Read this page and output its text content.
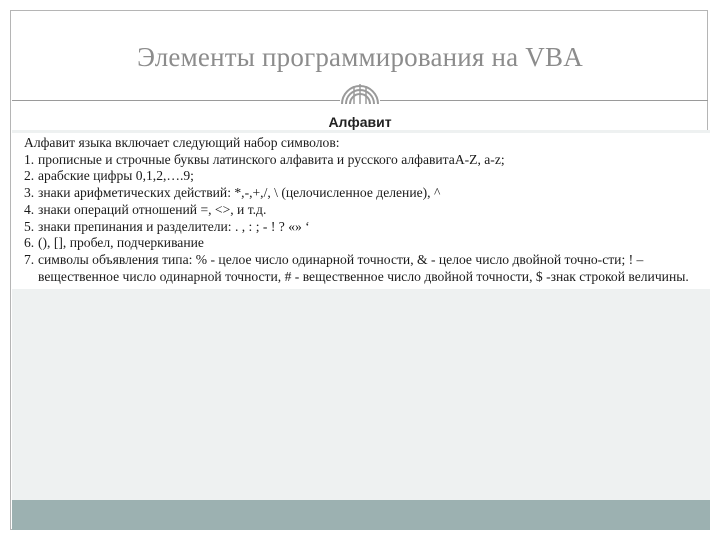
Элементы программирования на VBA
Алфавит

Алфавит языка включает следующий набор символов:

1. прописные и строчные буквы латинского алфавита и русского алфавитаA-Z, a-z;
2. арабские цифры 0,1,2,….9;
3. знаки арифметических действий: *,-,+,/, \ (целочисленное деление), ^
4. знаки операций отношений =, <>, и т.д.
5. знаки препинания и разделители: . , : ; - ! ? «» ‘
6. (), [], пробел, подчеркивание
7. символы объявления типа: % - целое число одинарной точности, & - целое число двойной точно-сти; ! –вещественное число одинарной точности, # - вещественное число двойной точности, $ -знак строкой величины.
